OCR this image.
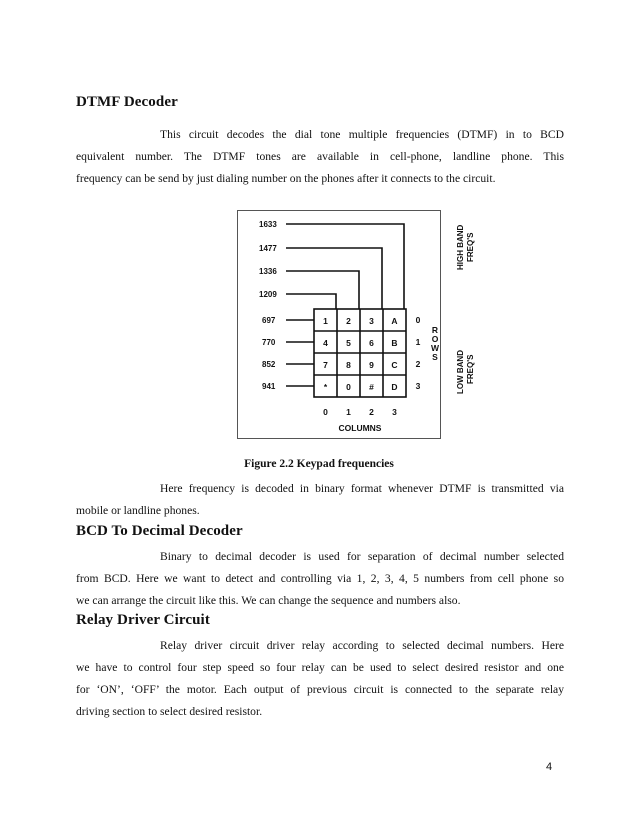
DTMF Decoder

This circuit decodes the dial tone multiple frequencies (DTMF) in to BCD
equivalent number. The DTMF tones are available in cell-phone, landline phone. This
frequency can be send by just dialing number on the phones after it connects to the circuit.
HIGH BAND FREQ'S
LOW BAND FREQ'S
1633
1477
1336
1209
697
770
852
941
1 2 3 A
4 5 6 B
7 8 9 C
* 0 # D
0
1
2
3
R
O
W
S
0 1 2 3
COLUMNS

Figure 2.2 Keypad frequencies

Here frequency is decoded in binary format whenever DTMF is transmitted via
mobile or landline phones.

BCD To Decimal Decoder

Binary to decimal decoder is used for separation of decimal number selected
from BCD. Here we want to detect and controlling via 1, 2, 3, 4, 5 numbers from cell phone so
we can arrange the circuit like this. We can change the sequence and numbers also.

Relay Driver Circuit

Relay driver circuit driver relay according to selected decimal numbers. Here
we have to control four step speed so four relay can be used to select desired resistor and one
for ‘ON’, ‘OFF’ the motor. Each output of previous circuit is connected to the separate relay
driving section to select desired resistor.

4
